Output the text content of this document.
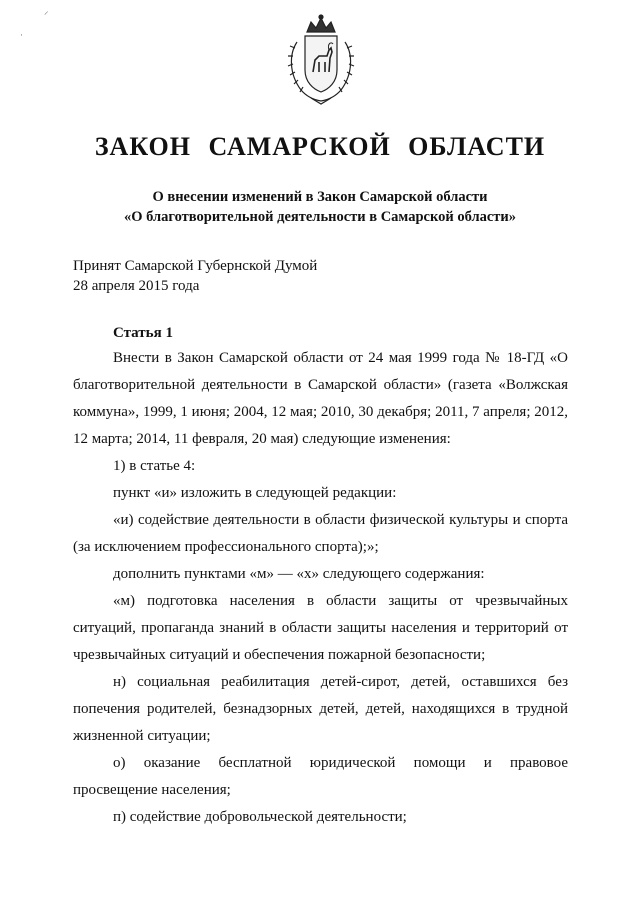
⸝
·
ЗАКОН САМАРСКОЙ ОБЛАСТИ
О внесении изменений в Закон Самарской области
«О благотворительной деятельности в Самарской области»
Принят Самарской Губернской Думой
28 апреля 2015 года
Статья 1

Внести в Закон Самарской области от 24 мая 1999 года № 18-ГД «О благотворительной деятельности в Самарской области» (газета «Волжская коммуна», 1999, 1 июня; 2004, 12 мая; 2010, 30 декабря; 2011, 7 апреля; 2012, 12 марта; 2014, 11 февраля, 20 мая) следующие изменения:

1) в статье 4:

пункт «и» изложить в следующей редакции:

«и) содействие деятельности в области физической культуры и спорта (за исключением профессионального спорта);»;

дополнить пунктами «м» — «х» следующего содержания:

«м) подготовка населения в области защиты от чрезвычайных ситуаций, пропаганда знаний в области защиты населения и территорий от чрезвычайных ситуаций и обеспечения пожарной безопасности;

н) социальная реабилитация детей-сирот, детей, оставшихся без попечения родителей, безнадзорных детей, детей, находящихся в трудной жизненной ситуации;

о) оказание бесплатной юридической помощи и правовое просвещение населения;

п) содействие добровольческой деятельности;
